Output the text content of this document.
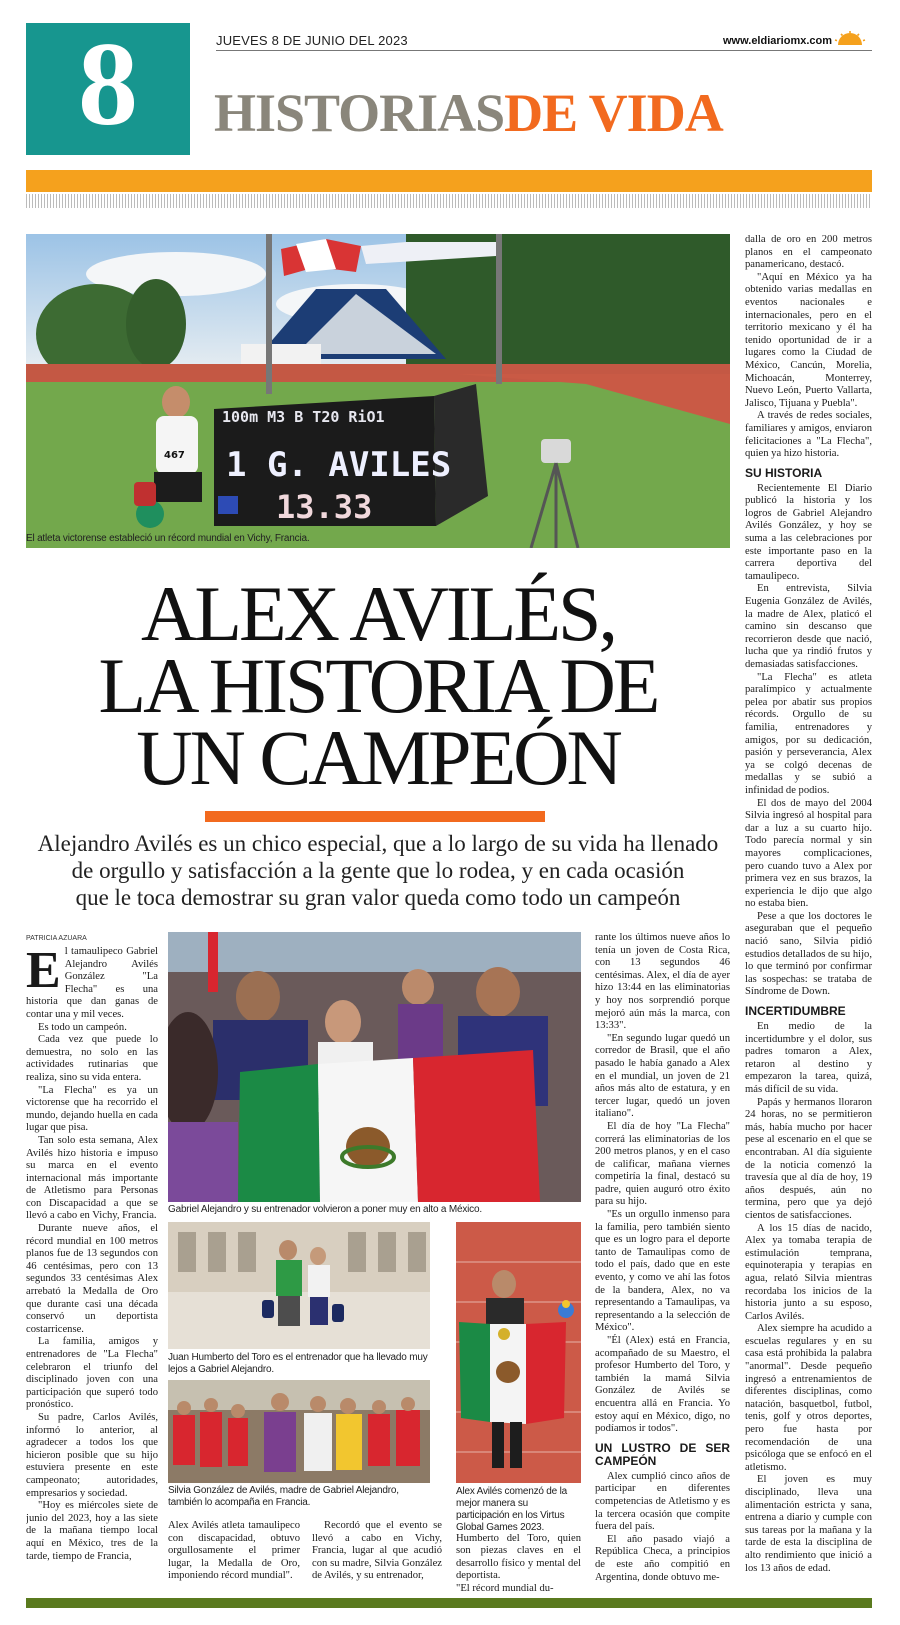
8	JUEVES 8 DE JUNIO DEL 2023	www.eldiariomx.com
HISTORIASDE VIDA
100m M3 B T20 RiO1
1 G. AVILES
13.33
467
El atleta victorense estableció un récord mundial en Vichy, Francia.
ALEX AVILÉS,
LA HISTORIA DE
UN CAMPEÓN
Alejandro Avilés es un chico especial, que a lo largo de su vida ha llenado
de orgullo y satisfacción a la gente que lo rodea, y en cada ocasión
que le toca demostrar su gran valor queda como todo un campeón
PATRICIA AZUARA
E l tamaulipeco Gabriel Alejandro Avilés González "La Flecha" es una historia que dan ganas de contar una y mil veces.

Es todo un campeón.

Cada vez que puede lo demuestra, no solo en las actividades rutinarias que realiza, sino su vida entera.

"La Flecha" es ya un victorense que ha recorrido el mundo, dejando huella en cada lugar que pisa.

Tan solo esta semana, Alex Avilés hizo historia e impuso su marca en el evento internacional más importante de Atletismo para Personas con Discapacidad a que se llevó a cabo en Vichy, Francia.

Durante nueve años, el récord mundial en 100 metros planos fue de 13 segundos con 46 centésimas, pero con 13 segundos 33 centésimas Alex arrebató la Medalla de Oro que durante casi una década conservó un deportista costarricense.

La familia, amigos y entrenadores de "La Flecha" celebraron el triunfo del disciplinado joven con una participación que superó todo pronóstico.

Su padre, Carlos Avilés, informó lo anterior, al agradecer a todos los que hicieron posible que su hijo estuviera presente en este campeonato; autoridades, empresarios y sociedad.

"Hoy es miércoles siete de junio del 2023, hoy a las siete de la mañana tiempo local aquí en México, tres de la tarde, tiempo de Francia,

Gabriel Alejandro y su entrenador volvieron a poner muy en alto a México.
Juan Humberto del Toro es el entrenador que ha llevado muy lejos a Gabriel Alejandro.
Silvia González de Avilés, madre de Gabriel Alejandro, también lo acompaña en Francia.
Alex Avilés comenzó de la mejor manera su participación en los Virtus Global Games 2023.

Alex Avilés atleta tamaulipeco con discapacidad, obtuvo orgullosamente el primer lugar, la Medalla de Oro, imponiendo récord mundial".

Recordó que el evento se llevó a cabo en Vichy, Francia, lugar al que acudió con su madre, Silvia González de Avilés, y su entrenador,

Humberto del Toro, quien son piezas claves en el desarrollo físico y mental del deportista.
"El récord mundial du-

rante los últimos nueve años lo tenía un joven de Costa Rica, con 13 segundos 46 centésimas. Alex, el día de ayer hizo 13:44 en las eliminatorias y hoy nos sorprendió porque mejoró aún más la marca, con 13:33".

"En segundo lugar quedó un corredor de Brasil, que el año pasado le había ganado a Alex en el mundial, un joven de 21 años más alto de estatura, y en tercer lugar, quedó un joven italiano".

El día de hoy "La Flecha" correrá las eliminatorias de los 200 metros planos, y en el caso de calificar, mañana viernes competiría la final, destacó su padre, quien auguró otro éxito para su hijo.

"Es un orgullo inmenso para la familia, pero también siento que es un logro para el deporte tanto de Tamaulipas como de todo el país, dado que en este evento, y como ve ahí las fotos de la bandera, Alex, no va representando a Tamaulipas, va representando a la selección de México".

"Él (Alex) está en Francia, acompañado de su Maestro, el profesor Humberto del Toro, y también la mamá Silvia González de Avilés se encuentra allá en Francia. Yo estoy aquí en México, digo, no podíamos ir todos".

UN LUSTRO DE SER CAMPEÓN

Alex cumplió cinco años de participar en diferentes competencias de Atletismo y es la tercera ocasión que compite fuera del país.

El año pasado viajó a República Checa, a principios de este año compitió en Argentina, donde obtuvo me-

dalla de oro en 200 metros planos en el campeonato panamericano, destacó.

"Aquí en México ya ha obtenido varias medallas en eventos nacionales e internacionales, pero en el territorio mexicano y él ha tenido oportunidad de ir a lugares como la Ciudad de México, Cancún, Morelia, Michoacán, Monterrey, Nuevo León, Puerto Vallarta, Jalisco, Tijuana y Puebla".

A través de redes sociales, familiares y amigos, enviaron felicitaciones a "La Flecha", quien ya hizo historia.

SU HISTORIA

Recientemente El Diario publicó la historia y los logros de Gabriel Alejandro Avilés González, y hoy se suma a las celebraciones por este importante paso en la carrera deportiva del tamaulipeco.

En entrevista, Silvia Eugenia González de Avilés, la madre de Alex, platicó el camino sin descanso que recorrieron desde que nació, lucha que ya rindió frutos y demasiadas satisfacciones.

"La Flecha" es atleta paralímpico y actualmente pelea por abatir sus propios récords. Orgullo de su familia, entrenadores y amigos, por su dedicación, pasión y perseverancia, Alex ya se colgó decenas de medallas y se subió a infinidad de podios.

El dos de mayo del 2004 Silvia ingresó al hospital para dar a luz a su cuarto hijo. Todo parecía normal y sin mayores complicaciones, pero cuando tuvo a Alex por primera vez en sus brazos, la experiencia le dijo que algo no estaba bien.

Pese a que los doctores le aseguraban que el pequeño nació sano, Silvia pidió estudios detallados de su hijo, lo que terminó por confirmar las sospechas: se trataba de Síndrome de Down.

INCERTIDUMBRE

En medio de la incertidumbre y el dolor, sus padres tomaron a Alex, retaron al destino y empezaron la tarea, quizá, más difícil de su vida.

Papás y hermanos lloraron 24 horas, no se permitieron más, había mucho por hacer pese al escenario en el que se encontraban. Al día siguiente de la noticia comenzó la travesía que al día de hoy, 19 años después, aún no termina, pero que ya dejó cientos de satisfacciones.

A los 15 días de nacido, Alex ya tomaba terapia de estimulación temprana, equinoterapia y terapias en agua, relató Silvia mientras recordaba los inicios de la historia junto a su esposo, Carlos Avilés.

Alex siempre ha acudido a escuelas regulares y en su casa está prohibida la palabra "anormal". Desde pequeño ingresó a entrenamientos de diferentes disciplinas, como natación, basquetbol, futbol, tenis, golf y otros deportes, pero fue hasta por recomendación de una psicóloga que se enfocó en el atletismo.

El joven es muy disciplinado, lleva una alimentación estricta y sana, entrena a diario y cumple con sus tareas por la mañana y la tarde de esta la disciplina de alto rendimiento que inició a los 13 años de edad.
